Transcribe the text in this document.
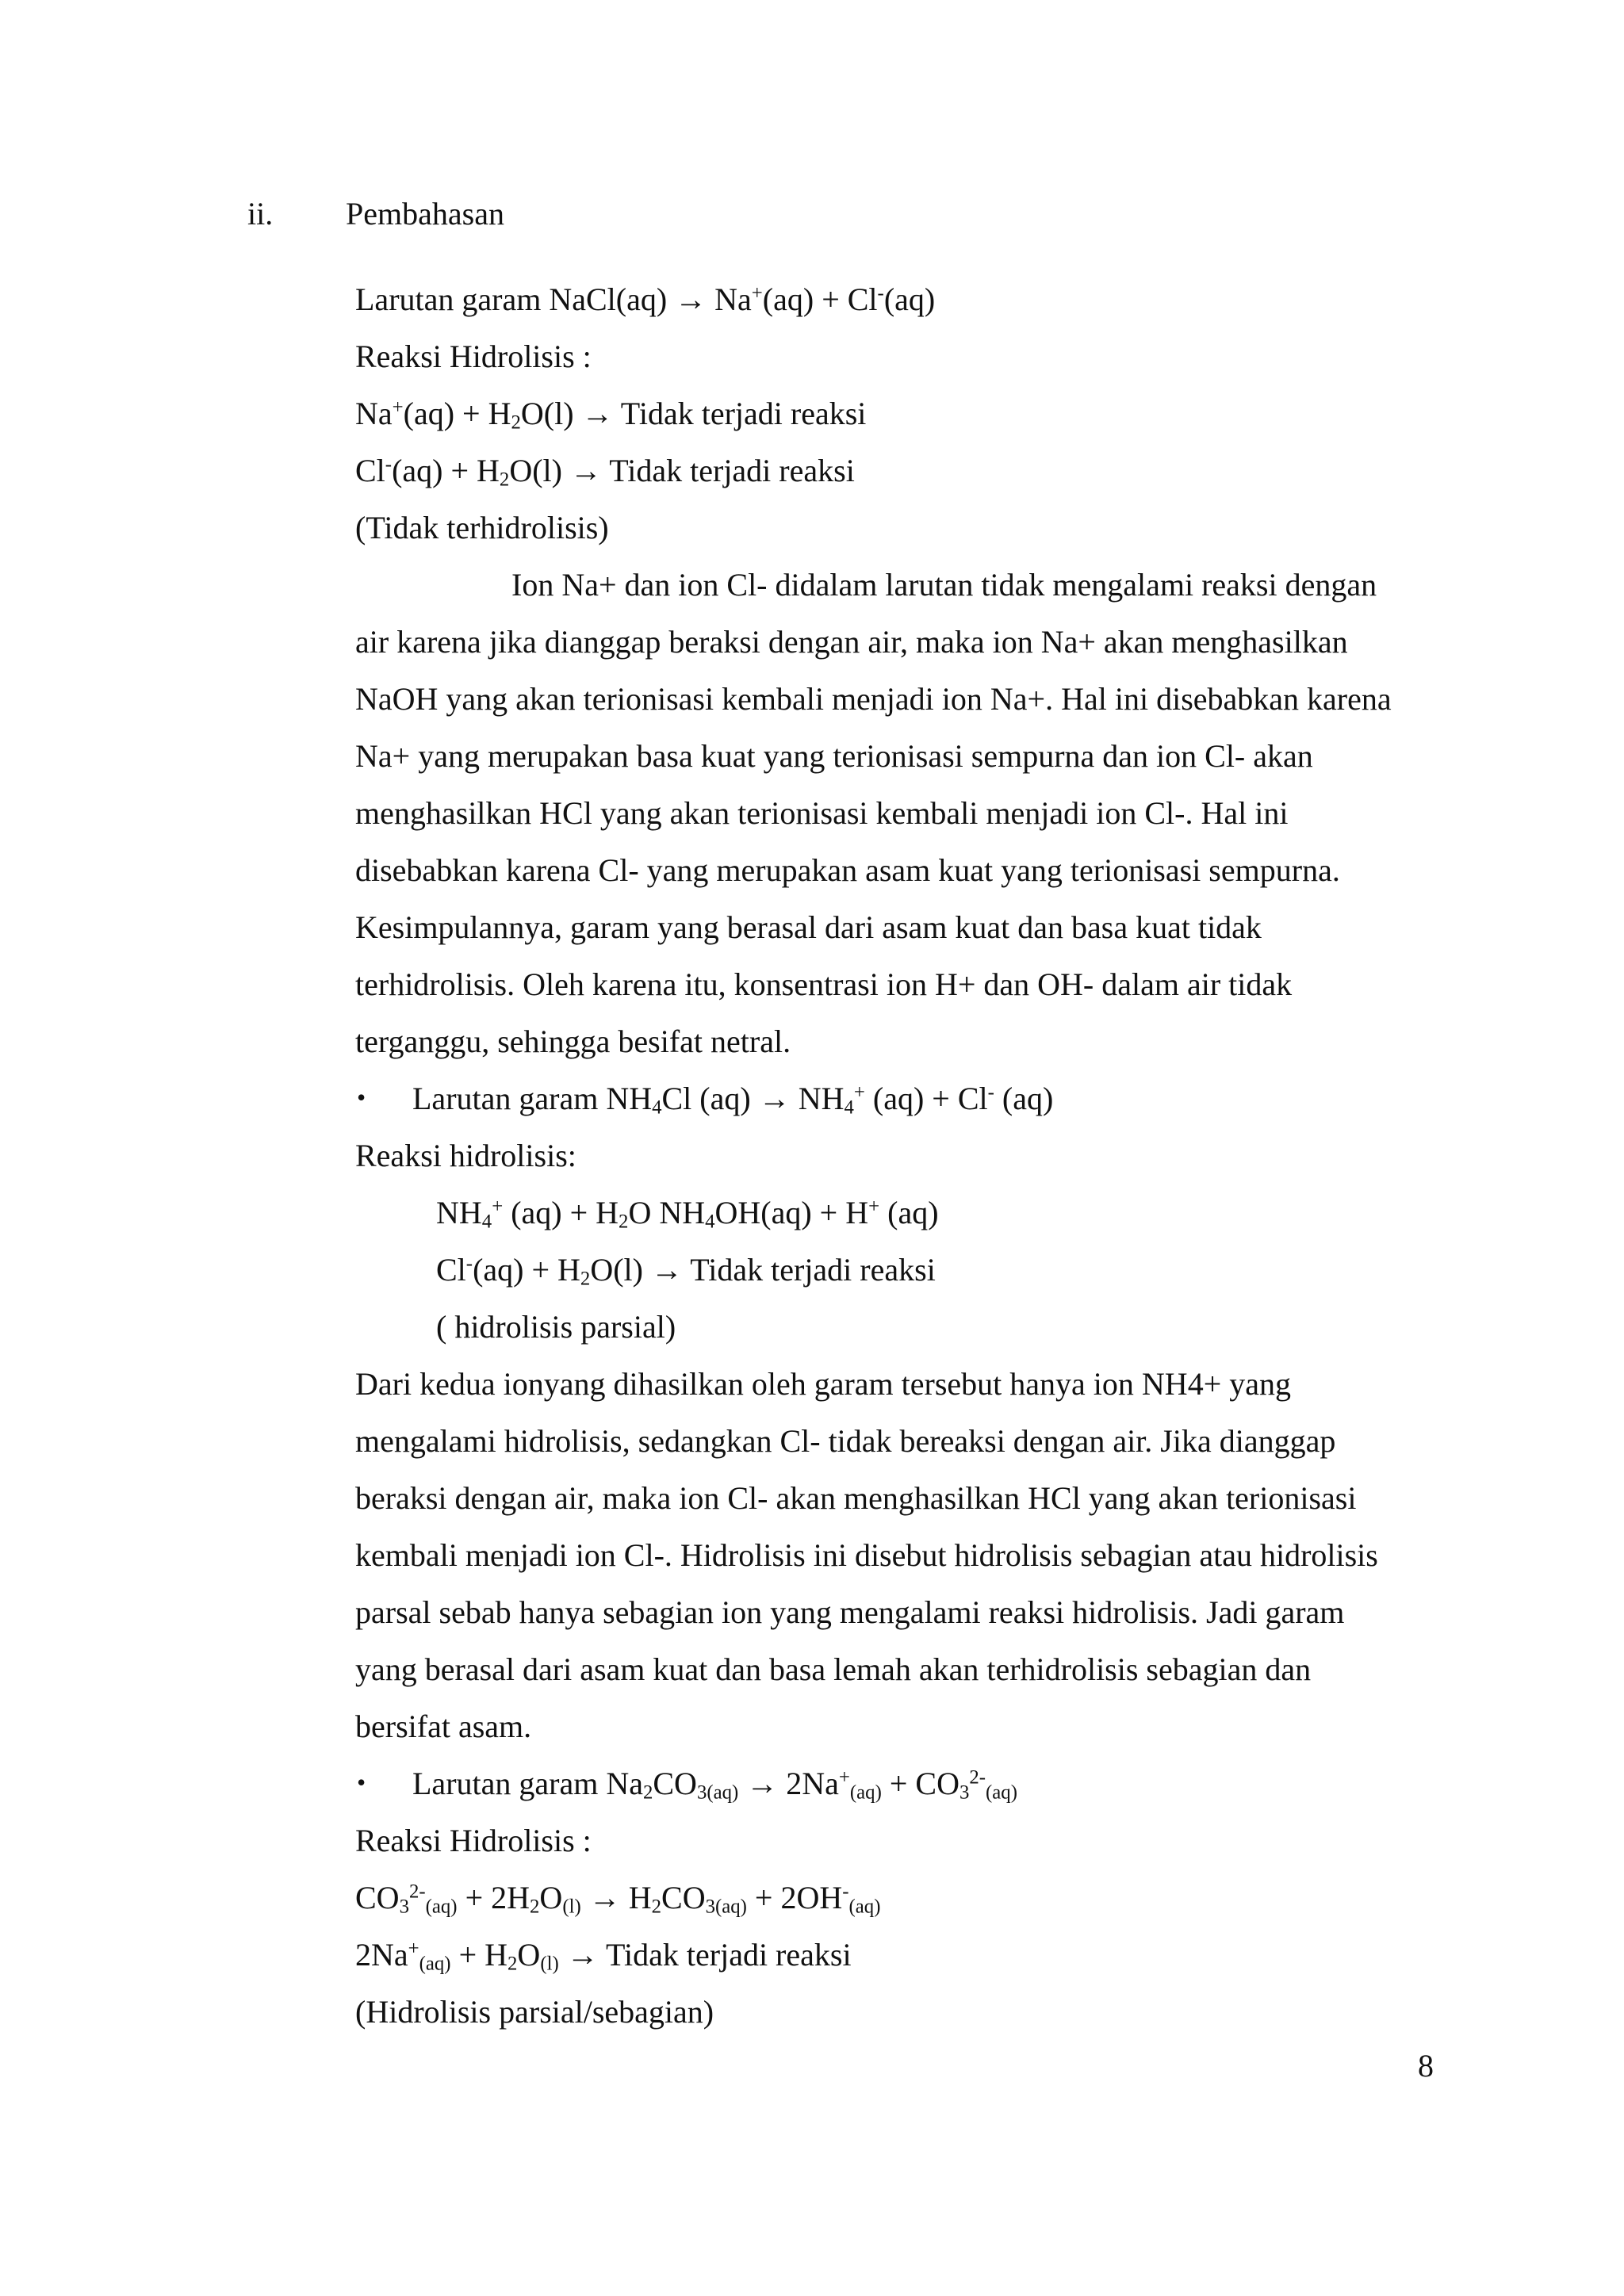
ii. Pembahasan
Larutan garam NaCl(aq) → Na+(aq) + Cl-(aq)
Reaksi Hidrolisis :
$Na^+(aq) + H_2O(l)$ → Tidak terjadi reaksi
$Cl^-(aq) + H_2O(l)$ → Tidak terjadi reaksi
(Tidak terhidrolisis)
Ion Na+ dan ion Cl- didalam larutan tidak mengalami reaksi dengan
air karena jika dianggap beraksi dengan air, maka ion Na+ akan menghasilkan
NaOH yang akan terionisasi kembali menjadi ion Na+. Hal ini disebabkan karena
Na+ yang merupakan basa kuat yang terionisasi sempurna dan ion Cl- akan
menghasilkan HCl yang akan terionisasi kembali menjadi ion Cl-. Hal ini
disebabkan karena Cl- yang merupakan asam kuat yang terionisasi sempurna.
Kesimpulannya, garam yang berasal dari asam kuat dan basa kuat tidak
terhidrolisis. Oleh karena itu, konsentrasi ion H+ dan OH- dalam air tidak
terganggu, sehingga besifat netral.
• Larutan garam $NH_4Cl$ $(aq) \to NH_4^+$ (aq) + Cl- (aq)
Reaksi hidrolisis:
$NH_4^+$ $(aq) + H_2O$ $NH_4OH(aq) + H^+$ (aq)
$Cl^-(aq) + H_2O(l)$ → Tidak terjadi reaksi
( hidrolisis parsial)
Dari kedua ionyang dihasilkan oleh garam tersebut hanya ion NH4+ yang
mengalami hidrolisis, sedangkan Cl- tidak bereaksi dengan air. Jika dianggap
beraksi dengan air, maka ion Cl- akan menghasilkan HCl yang akan terionisasi
kembali menjadi ion Cl-. Hidrolisis ini disebut hidrolisis sebagian atau hidrolisis
parsal sebab hanya sebagian ion yang mengalami reaksi hidrolisis. Jadi garam
yang berasal dari asam kuat dan basa lemah akan terhidrolisis sebagian dan
bersifat asam.
• Larutan garam $Na_2CO_{3(aq)} \to 2Na^+_{(aq)} + CO_3^{2-}_{(aq)}$
Reaksi Hidrolisis :
$CO_3^{2-}_{(aq)} + 2H_2O_{(l)} \to H_2CO_{3(aq)} + 2OH^-_{(aq)}$
$2Na^+_{(aq)} + H_2O_{(l)}$ → Tidak terjadi reaksi
(Hidrolisis parsial/sebagian)
8
